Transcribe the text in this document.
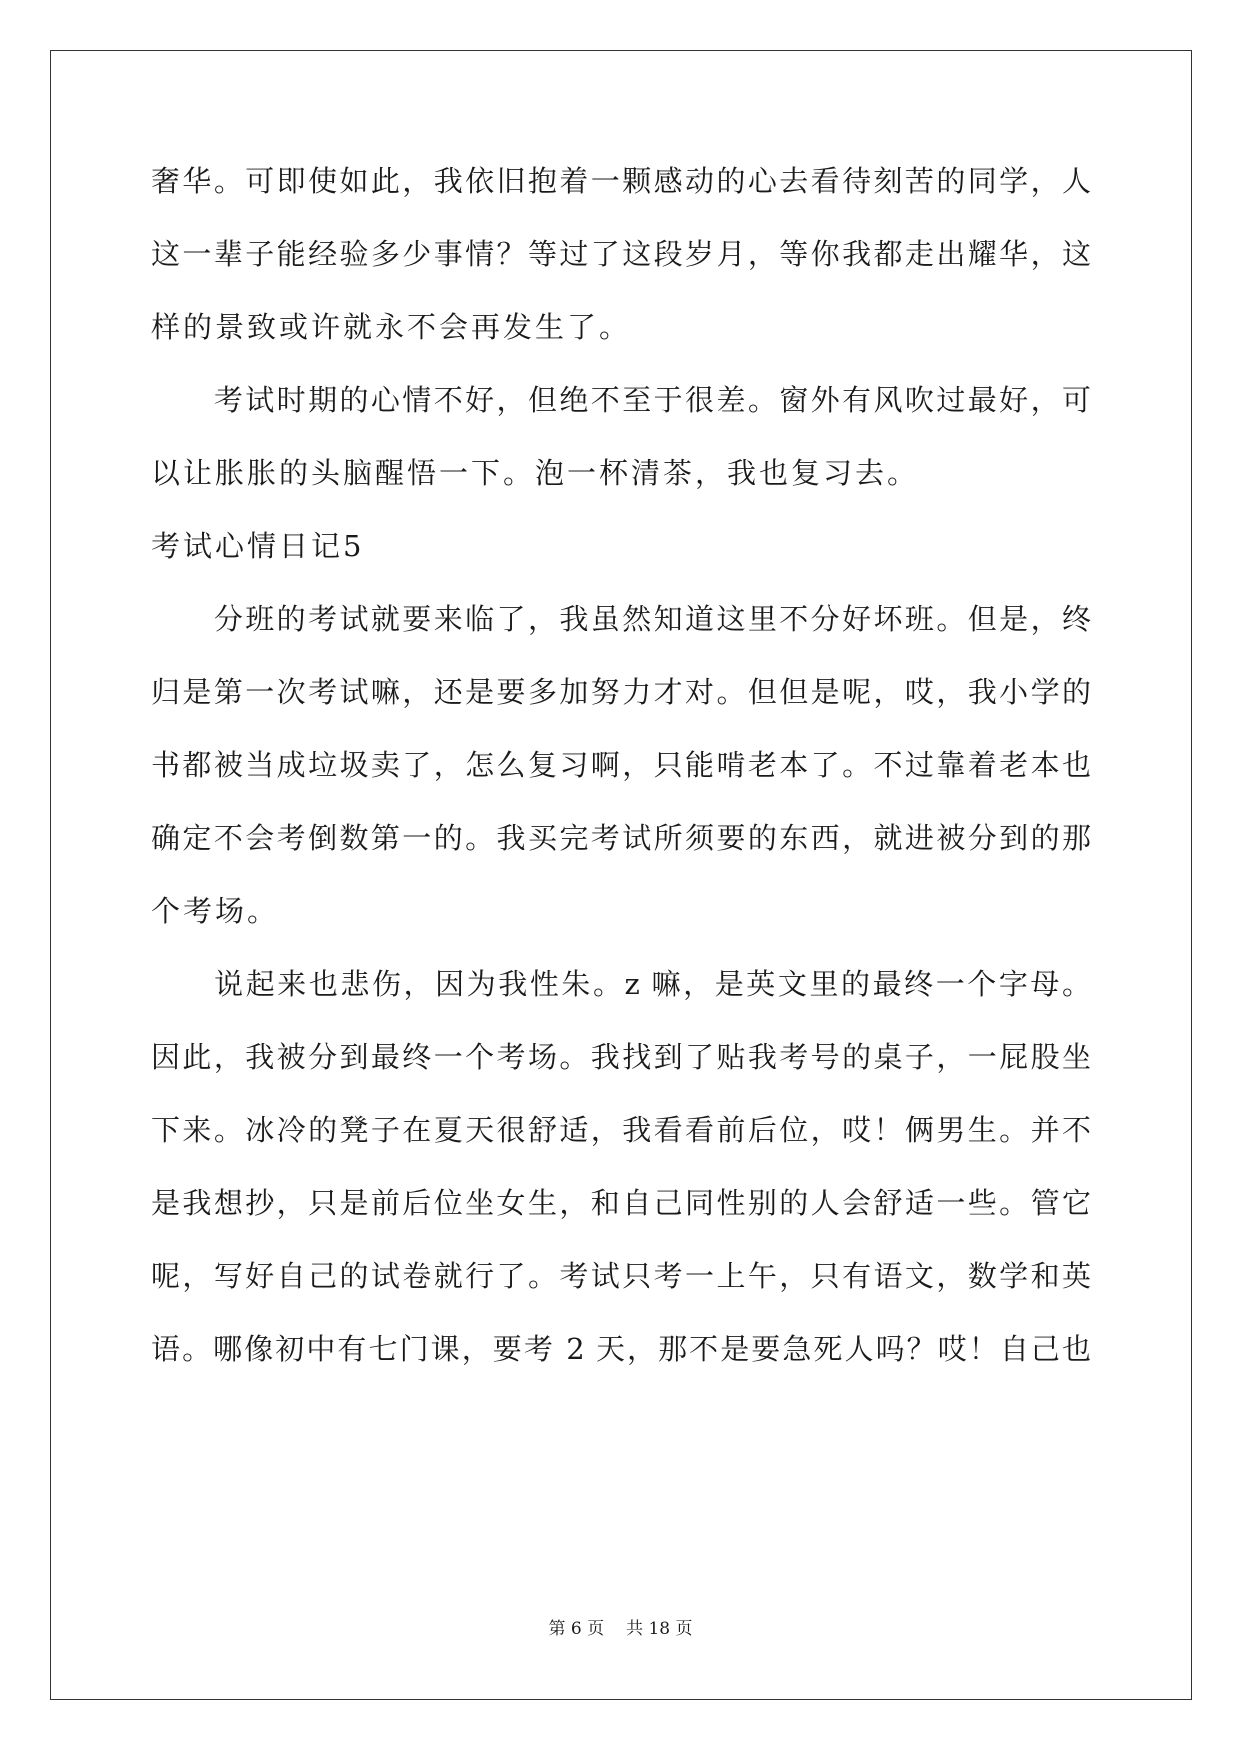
奢华。可即使如此，我依旧抱着一颗感动的心去看待刻苦的同学，人
这一辈子能经验多少事情？等过了这段岁月，等你我都走出耀华，这
样的景致或许就永不会再发生了。
　　考试时期的心情不好，但绝不至于很差。窗外有风吹过最好，可
以让胀胀的头脑醒悟一下。泡一杯清茶，我也复习去。
考试心情日记5
　　分班的考试就要来临了，我虽然知道这里不分好坏班。但是，终
归是第一次考试嘛，还是要多加努力才对。但但是呢，哎，我小学的
书都被当成垃圾卖了，怎么复习啊，只能啃老本了。不过靠着老本也
确定不会考倒数第一的。我买完考试所须要的东西，就进被分到的那
个考场。
　　说起来也悲伤，因为我性朱。z 嘛，是英文里的最终一个字母。
因此，我被分到最终一个考场。我找到了贴我考号的桌子，一屁股坐
下来。冰冷的凳子在夏天很舒适，我看看前后位，哎！俩男生。并不
是我想抄，只是前后位坐女生，和自己同性别的人会舒适一些。管它
呢，写好自己的试卷就行了。考试只考一上午，只有语文，数学和英
语。哪像初中有七门课，要考 2 天，那不是要急死人吗？哎！自己也
第 6 页 共 18 页
